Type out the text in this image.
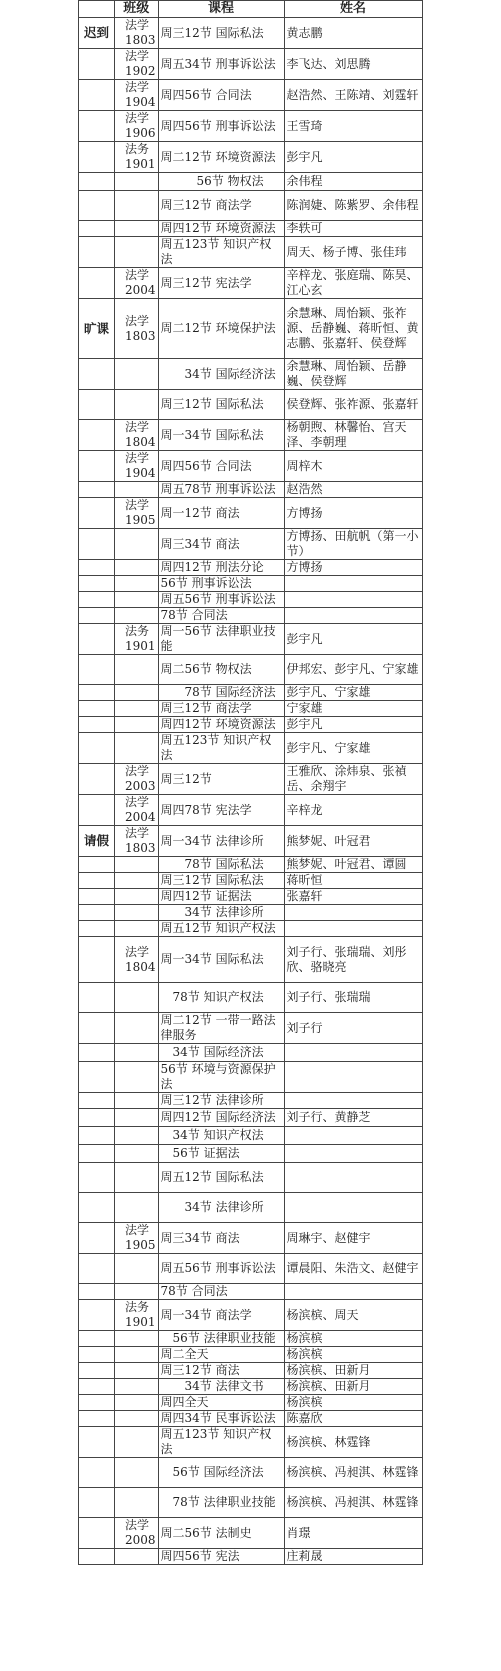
	班级	课程	姓名
迟到	法学1803	周三12节 国际私法	黄志鹏
	法学1902	周五34节 刑事诉讼法	李飞达、刘思腾
	法学1904	周四56节 合同法	赵浩然、王陈靖、刘霆轩
	法学1906	周四56节 刑事诉讼法	王雪琦
	法务1901	周二12节 环境资源法	彭宇凡
		56节 物权法	余伟程
		周三12节 商法学	陈润婕、陈紫罗、余伟程
		周四12节 环境资源法	李轶可
		周五123节 知识产权法	周天、杨子博、张佳玮
	法学2004	周三12节 宪法学	辛梓龙、张庭瑞、陈昊、江心玄
旷课	法学1803	周二12节 环境保护法	余慧琳、周怡颖、张祚源、岳静巍、蒋昕恒、黄志鹏、张嘉轩、侯登辉
		34节 国际经济法	余慧琳、周怡颖、岳静巍、侯登辉
		周三12节 国际私法	侯登辉、张祚源、张嘉轩
	法学1804	周一34节 国际私法	杨朝煦、林馨怡、宫天泽、李朝理
	法学1904	周四56节 合同法	周梓木
		周五78节 刑事诉讼法	赵浩然
	法学1905	周一12节 商法	方博扬
		周三34节 商法	方博扬、田航帆（第一小节）
		周四12节 刑法分论	方博扬
		56节 刑事诉讼法	
		周五56节 刑事诉讼法	
		78节 合同法	
	法务1901	周一56节 法律职业技能	彭宇凡
		周二56节 物权法	伊邦宏、彭宇凡、宁家雄
		78节 国际经济法	彭宇凡、宁家雄
		周三12节 商法学	宁家雄
		周四12节 环境资源法	彭宇凡
		周五123节 知识产权法	彭宇凡、宁家雄
	法学2003	周三12节	王雅欣、涂炜泉、张禎岳、余翔宇
	法学2004	周四78节 宪法学	辛梓龙
请假	法学1803	周一34节 法律诊所	熊梦妮、叶冠君
		78节 国际私法	熊梦妮、叶冠君、谭圆
		周三12节 国际私法	蒋昕恒
		周四12节 证据法	张嘉轩
		34节 法律诊所	
		周五12节 知识产权法	
	法学1804	周一34节 国际私法	刘子行、张瑞瑞、刘彤欣、骆晓亮
		78节 知识产权法	刘子行、张瑞瑞
		周二12节 一带一路法律服务	刘子行
		34节 国际经济法	
		56节 环境与资源保护法	
		周三12节 法律诊所	
		周四12节 国际经济法	刘子行、黄静芝
		34节 知识产权法	
		56节 证据法	
		周五12节 国际私法	
		34节 法律诊所	
	法学1905	周三34节 商法	周琳宇、赵健宇
		周五56节 刑事诉讼法	谭晨阳、朱浩文、赵健宇
		78节 合同法	
	法务1901	周一34节 商法学	杨滨槟、周天
		56节 法律职业技能	杨滨槟
		周二全天	杨滨槟
		周三12节 商法	杨滨槟、田新月
		34节 法律文书	杨滨槟、田新月
		周四全天	杨滨槟
		周四34节 民事诉讼法	陈嘉欣
		周五123节 知识产权法	杨滨槟、林霆锋
		56节 国际经济法	杨滨槟、冯昶淇、林霆锋
		78节 法律职业技能	杨滨槟、冯昶淇、林霆锋
	法学2008	周二56节 法制史	肖璟
		周四56节 宪法	庄莉晟
